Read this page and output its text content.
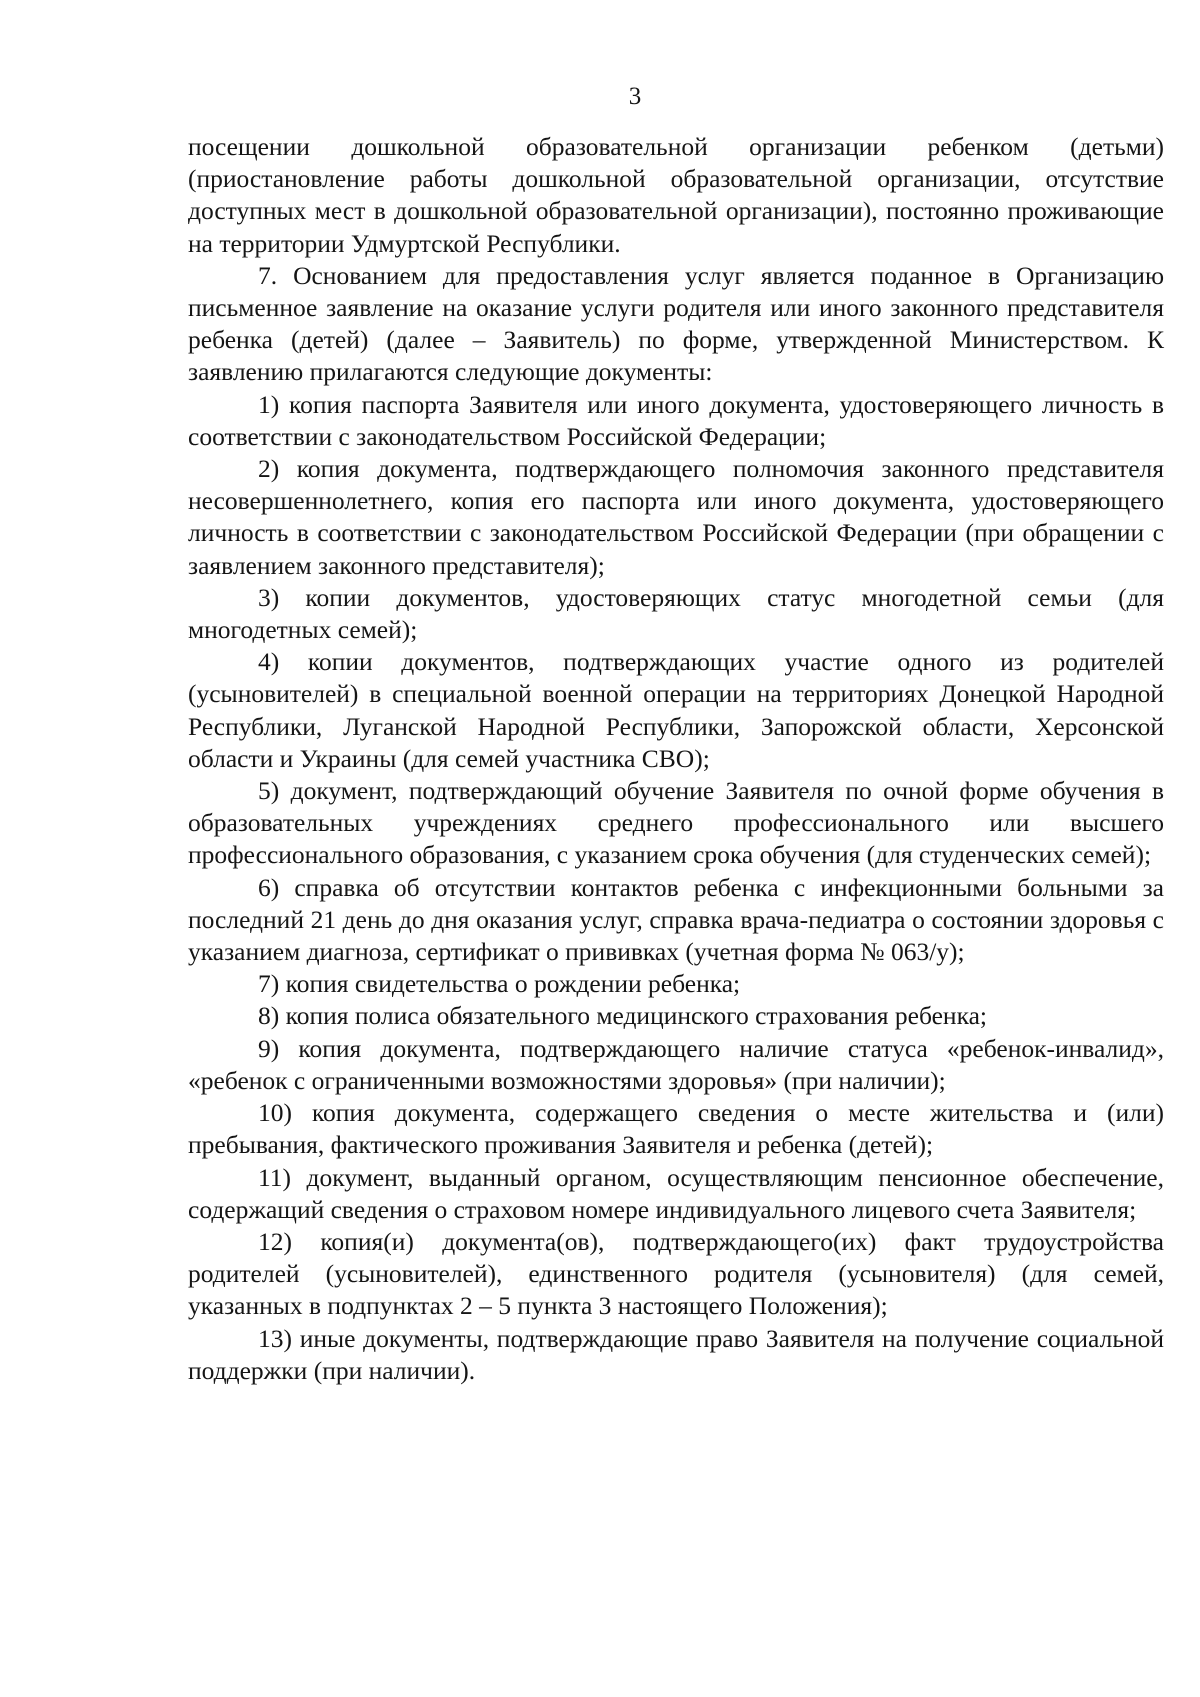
3

посещении дошкольной образовательной организации ребенком (детьми) (приостановление работы дошкольной образовательной организации, отсутствие доступных мест в дошкольной образовательной организации), постоянно проживающие на территории Удмуртской Республики.

7. Основанием для предоставления услуг является поданное в Организацию письменное заявление на оказание услуги родителя или иного законного представителя ребенка (детей) (далее – Заявитель) по форме, утвержденной Министерством. К заявлению прилагаются следующие документы:

1) копия паспорта Заявителя или иного документа, удостоверяющего личность в соответствии с законодательством Российской Федерации;

2) копия документа, подтверждающего полномочия законного представителя несовершеннолетнего, копия его паспорта или иного документа, удостоверяющего личность в соответствии с законодательством Российской Федерации (при обращении с заявлением законного представителя);

3) копии документов, удостоверяющих статус многодетной семьи (для многодетных семей);

4) копии документов, подтверждающих участие одного из родителей (усыновителей) в специальной военной операции на территориях Донецкой Народной Республики, Луганской Народной Республики, Запорожской области, Херсонской области и Украины (для семей участника СВО);

5) документ, подтверждающий обучение Заявителя по очной форме обучения в образовательных учреждениях среднего профессионального или высшего профессионального образования, с указанием срока обучения (для студенческих семей);

6) справка об отсутствии контактов ребенка с инфекционными больными за последний 21 день до дня оказания услуг, справка врача-педиатра о состоянии здоровья с указанием диагноза, сертификат о прививках (учетная форма № 063/у);

7) копия свидетельства о рождении ребенка;

8) копия полиса обязательного медицинского страхования ребенка;

9) копия документа, подтверждающего наличие статуса «ребенок-инвалид», «ребенок с ограниченными возможностями здоровья» (при наличии);

10) копия документа, содержащего сведения о месте жительства и (или) пребывания, фактического проживания Заявителя и ребенка (детей);

11) документ, выданный органом, осуществляющим пенсионное обеспечение, содержащий сведения о страховом номере индивидуального лицевого счета Заявителя;

12) копия(и) документа(ов), подтверждающего(их) факт трудоустройства родителей (усыновителей), единственного родителя (усыновителя) (для семей, указанных в подпунктах 2 – 5 пункта 3 настоящего Положения);

13) иные документы, подтверждающие право Заявителя на получение социальной поддержки (при наличии).
